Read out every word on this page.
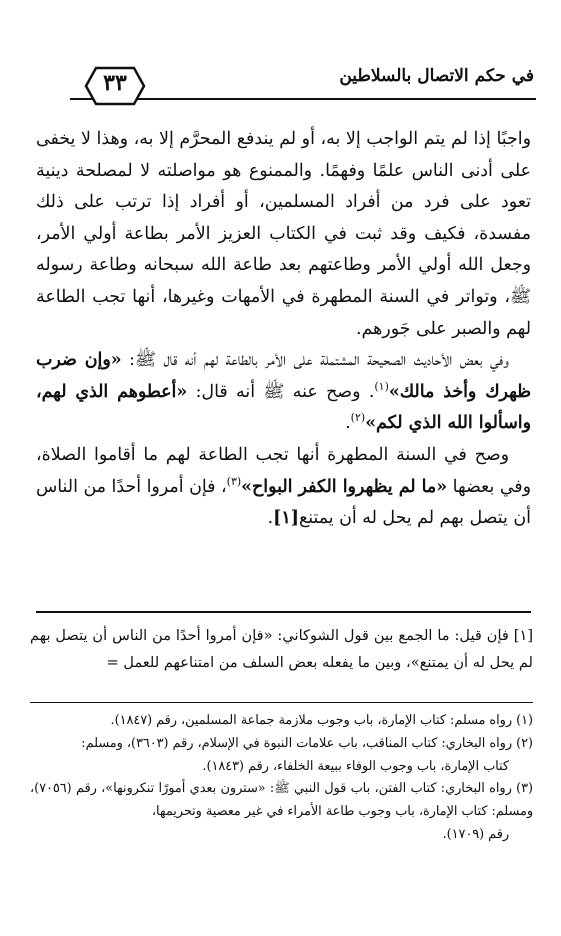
٣٣	في حكم الاتصال بالسلاطين

واجبًا إذا لم يتم الواجب إلا به، أو لم يندفع المحرَّم إلا به، وهذا لا يخفى على أدنى الناس علمًا وفهمًا. والممنوع هو مواصلته لا لمصلحة دينية تعود على فرد من أفراد المسلمين، أو أفراد إذا ترتب على ذلك مفسدة، فكيف وقد ثبت في الكتاب العزيز الأمر بطاعة أولي الأمر، وجعل الله أولي الأمر وطاعتهم بعد طاعة الله سبحانه وطاعة رسوله ﷺ، وتواتر في السنة المطهرة في الأمهات وغيرها، أنها تجب الطاعة لهم والصبر على جَورهم.

وفي بعض الأحاديث الصحيحة المشتملة على الأمر بالطاعة لهم أنه قال ﷺ: «وإن ضرب ظهرك وأخذ مالك»$^{(١)}$. وصح عنه ﷺ أنه قال: «أعطوهم الذي لهم، واسألوا الله الذي لكم»$^{(٢)}$.

وصح في السنة المطهرة أنها تجب الطاعة لهم ما أقاموا الصلاة، وفي بعضها «ما لم يظهروا الكفر البواح»$^{(٣)}$، فإن أمروا أحدًا من الناس أن يتصل بهم لم يحل له أن يمتنع[١].

[١] فإن قيل: ما الجمع بين قول الشوكاني: «فإن أمروا أحدًا من الناس أن يتصل بهم لم يحل له أن يمتنع»، وبين ما يفعله بعض السلف من امتناعهم للعمل =

(١) رواه مسلم: كتاب الإمارة، باب وجوب ملازمة جماعة المسلمين، رقم (١٨٤٧).

(٢) رواه البخاري: كتاب المناقب، باب علامات النبوة في الإسلام، رقم (٣٦٠٣)، ومسلم:

كتاب الإمارة، باب وجوب الوفاء ببيعة الخلفاء، رقم (١٨٤٣).

(٣) رواه البخاري: كتاب الفتن، باب قول النبي ﷺ: «سترون بعدي أمورًا تنكرونها»، رقم (٧٠٥٦)، ومسلم: كتاب الإمارة، باب وجوب طاعة الأمراء في غير معصية وتحريمها،

رقم (١٧٠٩).
